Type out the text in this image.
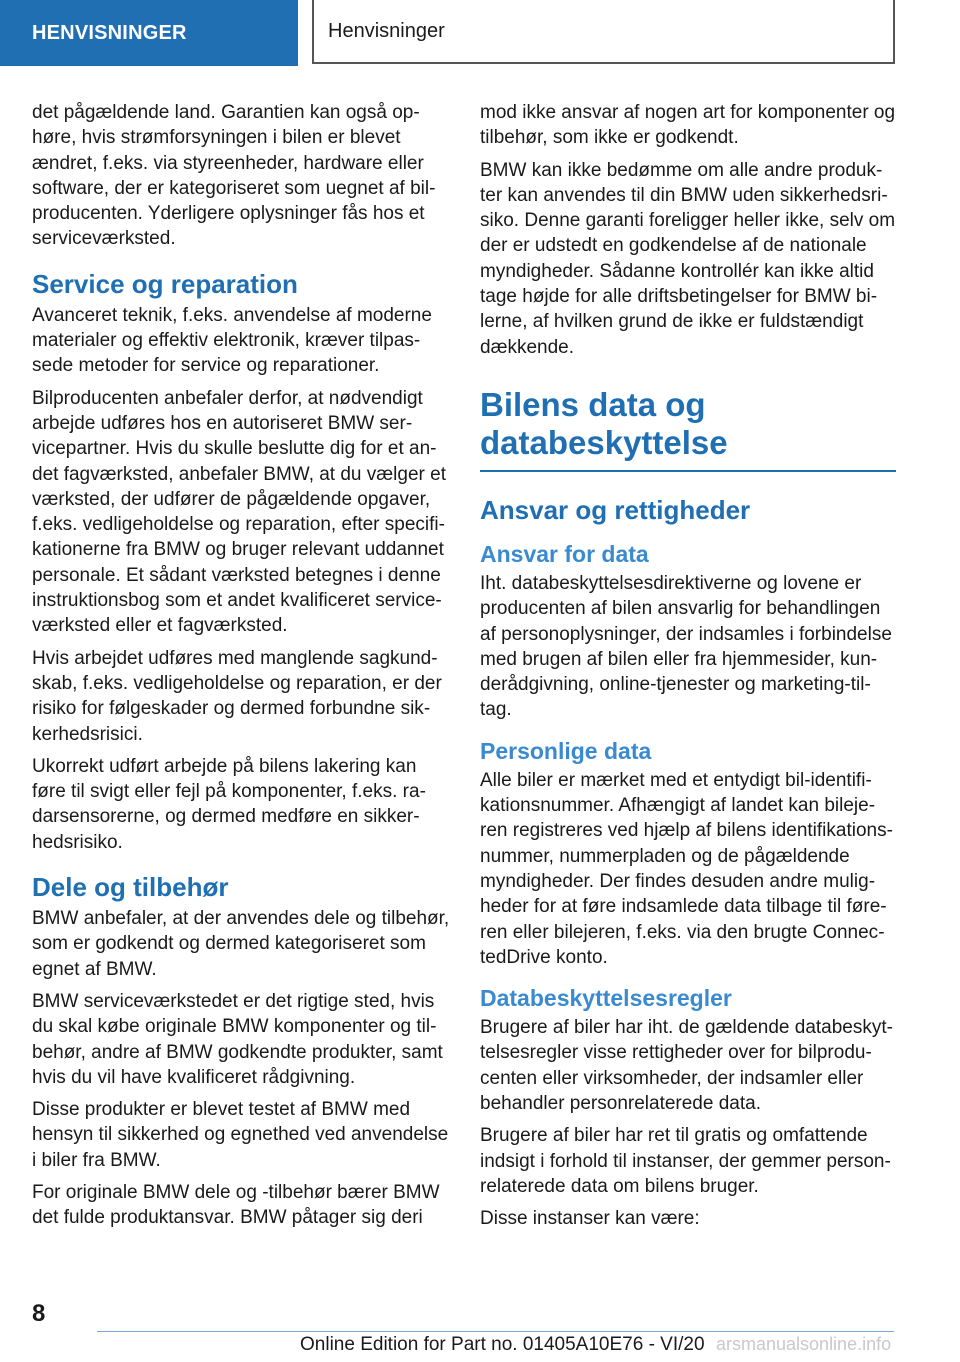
HENVISNINGER	Henvisninger

det pågældende land. Garantien kan også ophøre, hvis strømforsyningen i bilen er blevet ændret, f.eks. via styreenheder, hardware eller software, der er kategoriseret som uegnet af bilproducenten. Yderligere oplysninger fås hos et serviceværksted.

Service og reparation

Avanceret teknik, f.eks. anvendelse af moderne materialer og effektiv elektronik, kræver tilpassede metoder for service og reparationer.

Bilproducenten anbefaler derfor, at nødvendigt arbejde udføres hos en autoriseret BMW servicepartner. Hvis du skulle beslutte dig for et andet fagværksted, anbefaler BMW, at du vælger et værksted, der udfører de pågældende opgaver, f.eks. vedligeholdelse og reparation, efter specifikationerne fra BMW og bruger relevant uddannet personale. Et sådant værksted betegnes i denne instruktionsbog som et andet kvalificeret serviceværksted eller et fagværksted.

Hvis arbejdet udføres med manglende sagkundskab, f.eks. vedligeholdelse og reparation, er der risiko for følgeskader og dermed forbundne sikkerhedsrisici.

Ukorrekt udført arbejde på bilens lakering kan føre til svigt eller fejl på komponenter, f.eks. radarsensorerne, og dermed medføre en sikkerhedsrisiko.

Dele og tilbehør

BMW anbefaler, at der anvendes dele og tilbehør, som er godkendt og dermed kategoriseret som egnet af BMW.

BMW serviceværkstedet er det rigtige sted, hvis du skal købe originale BMW komponenter og tilbehør, andre af BMW godkendte produkter, samt hvis du vil have kvalificeret rådgivning.

Disse produkter er blevet testet af BMW med hensyn til sikkerhed og egnethed ved anvendelse i biler fra BMW.

For originale BMW dele og -tilbehør bærer BMW det fulde produktansvar. BMW påtager sig deri

mod ikke ansvar af nogen art for komponenter og tilbehør, som ikke er godkendt.

BMW kan ikke bedømme om alle andre produkter kan anvendes til din BMW uden sikkerhedsrisiko. Denne garanti foreligger heller ikke, selv om der er udstedt en godkendelse af de nationale myndigheder. Sådanne kontrollér kan ikke altid tage højde for alle driftsbetingelser for BMW bilerne, af hvilken grund de ikke er fuldstændigt dækkende.

Bilens data og databeskyttelse
Ansvar og rettigheder
Ansvar for data

Iht. databeskyttelsesdirektiverne og lovene er producenten af bilen ansvarlig for behandlingen af personoplysninger, der indsamles i forbindelse med brugen af bilen eller fra hjemmesider, kunderådgivning, online-tjenester og marketing-tiltag.

Personlige data

Alle biler er mærket med et entydigt bil-identifikationsnummer. Afhængigt af landet kan bilejeren registreres ved hjælp af bilens identifikationsnummer, nummerpladen og de pågældende myndigheder. Der findes desuden andre muligheder for at føre indsamlede data tilbage til føreren eller bilejeren, f.eks. via den brugte ConnectedDrive konto.

Databeskyttelsesregler

Brugere af biler har iht. de gældende databeskyttelsesregler visse rettigheder over for bilproducenten eller virksomheder, der indsamler eller behandler personrelaterede data.

Brugere af biler har ret til gratis og omfattende indsigt i forhold til instanser, der gemmer personrelaterede data om bilens bruger.

Disse instanser kan være:

8
Online Edition for Part no. 01405A10E76 - VI/20 arsmanualsonline.info
